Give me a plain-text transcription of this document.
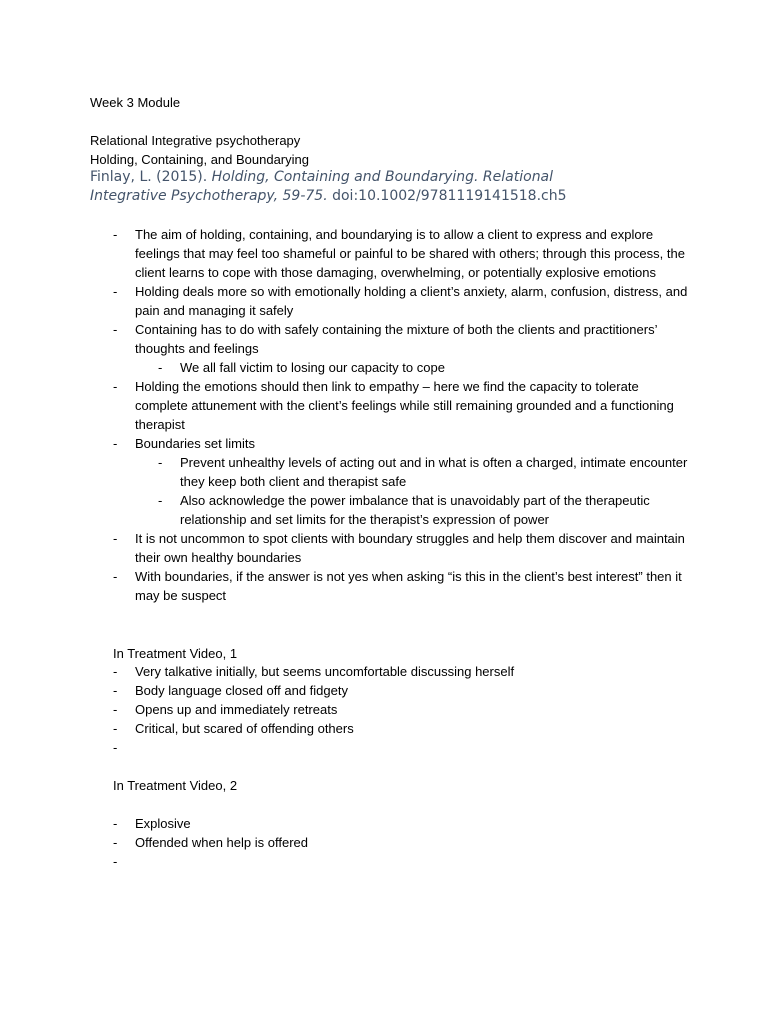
Week 3 Module
Relational Integrative psychotherapy
Holding, Containing, and Boundarying
Finlay, L. (2015). Holding, Containing and Boundarying. Relational
Integrative Psychotherapy, 59-75. doi:10.1002/9781119141518.ch5
- The aim of holding, containing, and boundarying is to allow a client to express and explore feelings that may feel too shameful or painful to be shared with others; through this process, the client learns to cope with those damaging, overwhelming, or potentially explosive emotions
- Holding deals more so with emotionally holding a client’s anxiety, alarm, confusion, distress, and pain and managing it safely
- Containing has to do with safely containing the mixture of both the clients and practitioners’ thoughts and feelings
- We all fall victim to losing our capacity to cope
- Holding the emotions should then link to empathy – here we find the capacity to tolerate complete attunement with the client’s feelings while still remaining grounded and a functioning therapist
- Boundaries set limits
- Prevent unhealthy levels of acting out and in what is often a charged, intimate encounter they keep both client and therapist safe
- Also acknowledge the power imbalance that is unavoidably part of the therapeutic relationship and set limits for the therapist’s expression of power
- It is not uncommon to spot clients with boundary struggles and help them discover and maintain their own healthy boundaries
- With boundaries, if the answer is not yes when asking “is this in the client’s best interest” then it may be suspect
In Treatment Video, 1
- Very talkative initially, but seems uncomfortable discussing herself
- Body language closed off and fidgety
- Opens up and immediately retreats
- Critical, but scared of offending others
-
In Treatment Video, 2
- Explosive
- Offended when help is offered
-
